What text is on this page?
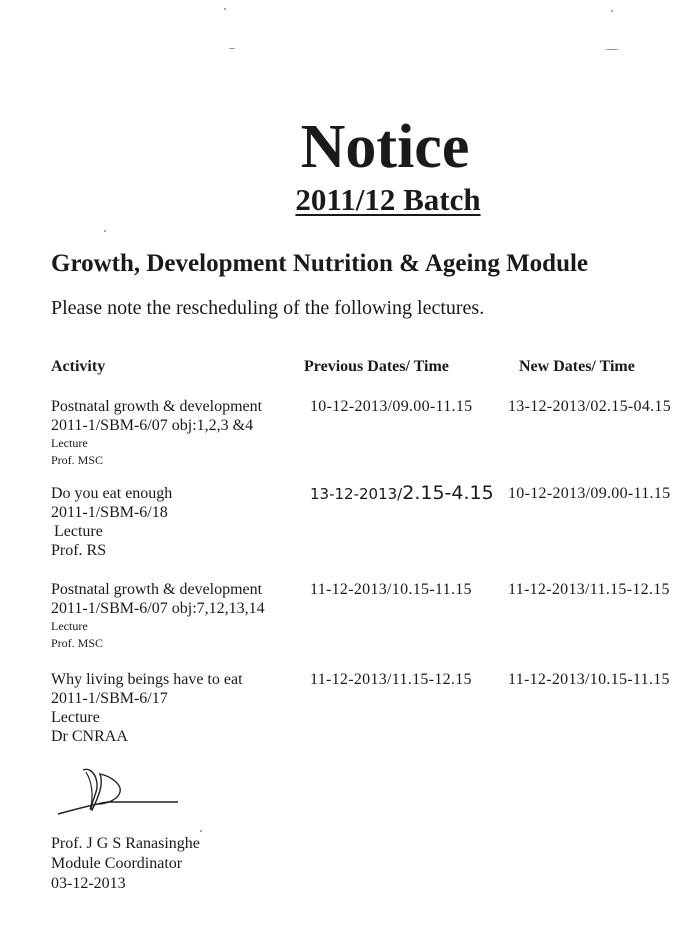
Notice
2011/12 Batch
Growth, Development Nutrition & Ageing Module
Please note the rescheduling of the following lectures.
Activity	Previous Dates/ Time	New Dates/ Time
Postnatal growth & development
2011-1/SBM-6/07 obj:1,2,3 &4
Lecture
Prof. MSC
10-12-2013/09.00-11.15 13-12-2013/02.15-04.15
Do you eat enough
2011-1/SBM-6/18
Lecture
Prof. RS
13-12-2013/2.15-4.15 10-12-2013/09.00-11.15
Postnatal growth & development
2011-1/SBM-6/07 obj:7,12,13,14
Lecture
Prof. MSC
11-12-2013/10.15-11.15 11-12-2013/11.15-12.15
Why living beings have to eat
2011-1/SBM-6/17
Lecture
Dr CNRAA
11-12-2013/11.15-12.15 11-12-2013/10.15-11.15
Prof. J G S Ranasinghe
Module Coordinator
03-12-2013
